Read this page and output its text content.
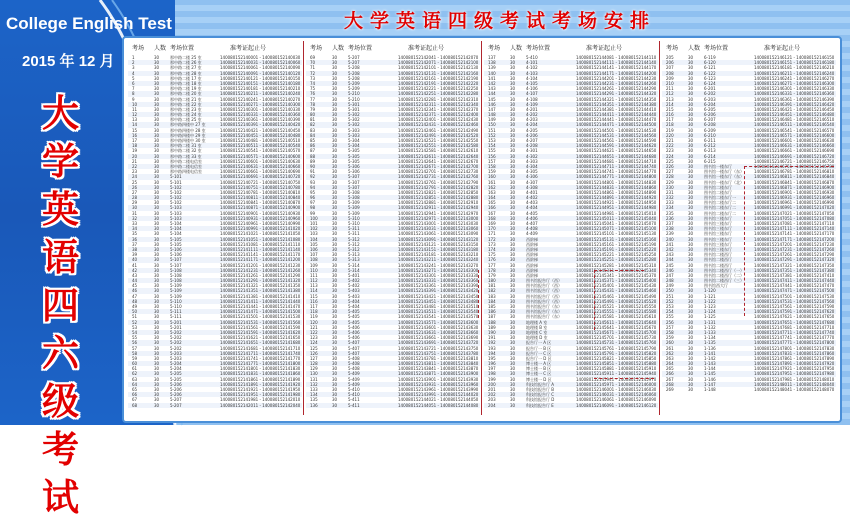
College English Test
2015 年 12 月
大
学
英
语
四
六
级
考
试
大学英语四级考试考场安排
考场 人数 考场位置	准考证起止号
1	30	那中路二楼 25 室	140080152140001 - 140080152140030
2	30	那中路二楼 26 室	140080152140031 - 140080152140060
3	30	那中路二楼 27 室	140080152140061 - 140080152140090
4	30	那中路二楼 28 室	140080152140091 - 140080152140120
5	30	那中路二楼 17 室	140080152140121 - 140080152140150
6	30	那中路二楼 18 室	140080152140151 - 140080152140180
7	30	那中路二楼 19 室	140080152140181 - 140080152140210
8	30	那中路二楼 20 室	140080152140211 - 140080152140240
9	30	那中路二楼 21 室	140080152140241 - 140080152140270
10	30	那中路二楼 22 室	140080152140271 - 140080152140300
11	30	那中路二楼 23 室	140080152140301 - 140080152140330
12	30	那中路二楼 24 室	140080152140331 - 140080152140360
13	30	那中路二楼 25 室	140080152140361 - 140080152140390
14	30	那中路四楼中 27 室	140080152140391 - 140080152140420
15	30	那中路四楼中 28 室	140080152140421 - 140080152140450
16	30	那中路四楼中 29 室	140080152140451 - 140080152140480
17	30	那中路四楼中 30 室	140080152140481 - 140080152140510
18	30	那中路二楼 31 室	140080152140511 - 140080152140540
19	30	那中路二楼 32 室	140080152140541 - 140080152140570
20	30	那中路二楼 33 室	140080152140571 - 140080152140600
21	30	那中路二楼电信室	140080152140601 - 140080152140630
22	30	那中路二楼电信室	140080152140631 - 140080152140660
23	30	那中路四楼电信室	140080152140661 - 140080152140690
24	30	5-101	140080152140691 - 140080152140720
25	30	5-101	140080152140721 - 140080152140750
26	30	5-102	140080152140751 - 140080152140780
27	30	5-102	140080152140781 - 140080152140810
28	30	5-102	140080152140811 - 140080152140840
29	30	5-102	140080152140841 - 140080152140870
30	30	5-103	140080152140871 - 140080152140900
31	30	5-103	140080152140901 - 140080152140930
32	30	5-103	140080152140931 - 140080152140960
33	30	5-104	140080152140961 - 140080152140990
34	30	5-104	140080152140991 - 140080152141020
35	30	5-104	140080152141021 - 140080152141050
36	30	5-105	140080152141051 - 140080152141080
37	30	5-105	140080152141081 - 140080152141110
38	30	5-106	140080152141111 - 140080152141140
39	30	5-106	140080152141141 - 140080152141170
40	30	5-107	140080152141171 - 140080152141200
41	30	5-107	140080152141201 - 140080152141230
42	30	5-108	140080152141231 - 140080152141260
43	30	5-108	140080152141261 - 140080152141290
44	30	5-108	140080152141291 - 140080152141320
45	30	5-109	140080152141321 - 140080152141350
46	30	5-109	140080152141351 - 140080152141380
47	30	5-109	140080152141381 - 140080152141410
48	30	5-110	140080152141411 - 140080152141440
49	30	5-110	140080152141441 - 140080152141470
50	30	5-111	140080152141471 - 140080152141500
51	30	5-111	140080152141501 - 140080152141530
52	30	5-201	140080152141531 - 140080152141560
53	30	5-201	140080152141561 - 140080152141590
54	30	5-202	140080152141591 - 140080152141620
55	30	5-202	140080152141621 - 140080152141650
56	30	5-202	140080152141651 - 140080152141680
57	30	5-202	140080152141681 - 140080152141710
58	30	5-203	140080152141711 - 140080152141740
59	30	5-203	140080152141741 - 140080152141770
60	30	5-204	140080152141771 - 140080152141800
61	30	5-204	140080152141801 - 140080152141830
62	30	5-205	140080152141831 - 140080152141860
63	30	5-205	140080152141861 - 140080152141890
64	30	5-206	140080152141891 - 140080152141920
65	30	5-206	140080152141921 - 140080152141950
66	30	5-206	140080152141951 - 140080152141980
67	30	5-207	140080152141981 - 140080152142010
68	30	5-207	140080152142011 - 140080152142040
考场 人数 考场位置	准考证起止号
69	30	5-207	140080152142041 - 140080152142070
70	30	5-207	140080152142071 - 140080152142100
71	30	5-208	140080152142101 - 140080152142130
72	30	5-208	140080152142131 - 140080152142160
73	30	5-208	140080152142161 - 140080152142190
74	30	5-209	140080152142191 - 140080152142220
75	30	5-209	140080152142221 - 140080152142250
76	30	5-210	140080152142251 - 140080152142280
77	30	5-210	140080152142281 - 140080152142310
78	30	5-301	140080152142311 - 140080152142340
79	30	5-301	140080152142341 - 140080152142370
80	30	5-302	140080152142371 - 140080152142400
81	30	5-302	140080152142401 - 140080152142430
82	30	5-302	140080152142431 - 140080152142460
83	30	5-303	140080152142461 - 140080152142490
84	30	5-303	140080152142491 - 140080152142520
85	30	5-304	140080152142521 - 140080152142550
86	30	5-304	140080152142551 - 140080152142580
87	30	5-305	140080152142581 - 140080152142610
88	30	5-305	140080152142611 - 140080152142640
89	30	5-305	140080152142641 - 140080152142670
90	30	5-306	140080152142671 - 140080152142700
91	30	5-306	140080152142701 - 140080152142730
92	30	5-307	140080152142731 - 140080152142760
93	30	5-307	140080152142761 - 140080152142790
94	30	5-307	140080152142791 - 140080152142820
95	30	5-308	140080152142821 - 140080152142850
96	30	5-308	140080152142851 - 140080152142880
97	30	5-309	140080152142881 - 140080152142910
98	30	5-309	140080152142911 - 140080152142940
99	30	5-309	140080152142941 - 140080152142970
100	30	5-310	140080152142971 - 140080152143000
101	30	5-310	140080152143001 - 140080152143030
102	30	5-311	140080152143031 - 140080152143060
103	30	5-311	140080152143061 - 140080152143090
104	30	5-312	140080152143091 - 140080152143120
105	30	5-312	140080152143121 - 140080152143150
106	30	5-312	140080152143151 - 140080152143180
107	30	5-313	140080152143181 - 140080152143210
108	30	5-313	140080152143211 - 140080152143240
109	30	5-314	140080152143241 - 140080152143270
110	30	5-314	140080152143271 - 140080152143300
111	30	5-401	140080152143301 - 140080152143330
112	30	5-402	140080152143331 - 140080152143360
113	30	5-402	140080152143361 - 140080152143390
114	30	5-403	140080152143391 - 140080152143420
115	30	5-403	140080152143421 - 140080152143450
116	30	5-404	140080152143451 - 140080152143480
117	30	5-404	140080152143481 - 140080152143510
118	30	5-405	140080152143511 - 140080152143540
119	30	5-405	140080152143541 - 140080152143570
120	30	5-405	140080152143571 - 140080152143600
121	30	5-406	140080152143601 - 140080152143630
122	30	5-406	140080152143631 - 140080152143660
123	30	5-406	140080152143661 - 140080152143690
124	30	5-407	140080152143691 - 140080152143720
125	30	5-407	140080152143721 - 140080152143750
126	30	5-407	140080152143751 - 140080152143780
127	30	5-408	140080152143781 - 140080152143810
128	30	5-408	140080152143811 - 140080152143840
129	30	5-408	140080152143841 - 140080152143870
130	30	5-409	140080152143871 - 140080152143900
131	30	5-409	140080152143901 - 140080152143930
132	30	5-409	140080152143931 - 140080152143960
133	30	5-410	140080152143961 - 140080152143990
134	30	5-410	140080152143991 - 140080152144020
135	30	5-411	140080152144021 - 140080152144050
136	30	5-411	140080152144051 - 140080152144080
考场 人数 考场位置	准考证起止号
137	30	5-410	140080152144081 - 140080152144110
138	30	4-101	140080152144111 - 140080152144140
139	30	4-102	140080152144141 - 140080152144170
140	30	4-103	140080152144171 - 140080152144200
141	30	4-104	140080152144201 - 140080152144230
142	30	4-105	140080152144231 - 140080152144260
143	30	4-106	140080152144261 - 140080152144290
144	30	4-107	140080152144291 - 140080152144320
145	30	4-108	140080152144321 - 140080152144350
146	30	4-109	140080152144351 - 140080152144380
147	30	4-201	140080152144381 - 140080152144410
148	30	4-202	140080152144411 - 140080152144440
149	30	4-203	140080152144441 - 140080152144470
150	30	4-204	140080152144471 - 140080152144500
151	30	4-205	140080152144501 - 140080152144530
152	30	4-206	140080152144531 - 140080152144560
153	30	4-207	140080152144561 - 140080152144590
154	30	4-208	140080152144591 - 140080152144620
155	30	4-301	140080152144621 - 140080152144650
156	30	4-302	140080152144651 - 140080152144680
157	30	4-303	140080152144681 - 140080152144710
158	30	4-304	140080152144711 - 140080152144740
159	30	4-305	140080152144741 - 140080152144770
160	30	4-306	140080152144771 - 140080152144800
161	30	4-307	140080152144801 - 140080152144830
162	30	4-308	140080152144831 - 140080152144860
163	30	4-401	140080152144861 - 140080152144890
164	30	4-402	140080152144891 - 140080152144920
165	30	4-403	140080152144921 - 140080152144950
166	30	4-404	140080152144951 - 140080152144980
167	30	4-405	140080152144981 - 140080152145010
168	30	4-406	140080152145011 - 140080152145040
169	30	4-407	140080152145041 - 140080152145070
170	30	4-408	140080152145071 - 140080152145100
171	30	4-409	140080152145101 - 140080152145130
172	30	西阶梯	140080152145131 - 140080152145160
173	30	西阶梯	140080152145161 - 140080152145190
174	30	西阶梯	140080152145191 - 140080152145220
175	30	西阶梯	140080152145221 - 140080152145250
176	30	西阶梯	140080152145251 - 140080152145280
177	30	西阶梯	140080152145281 - 140080152145310
178	30	西阶梯	140080152145311 - 140080152145340
179	30	西阶梯	140080152145341 - 140080152145370
180	30	图书馆报告厅（西）	140080152145371 - 140080152145400
181	30	图书馆报告厅（西）	140080152145401 - 140080152145430
182	30	图书馆报告厅（西）	140080152145431 - 140080152145460
183	30	图书馆报告厅（西）	140080152145461 - 140080152145490
184	30	图书馆报告厅（西）	140080152145491 - 140080152145520
185	30	图书馆报告厅（东）	140080152145521 - 140080152145550
186	30	图书馆报告厅（东）	140080152145551 - 140080152145580
187	30	图书馆报告厅（东）	140080152145581 - 140080152145610
188	30	地理楼 A 室	140080152145611 - 140080152145640
189	30	地理楼 B 室	140080152145641 - 140080152145670
190	30	地理楼 C 室	140080152145671 - 140080152145700
191	30	地理楼 D 室	140080152145701 - 140080152145730
192	30	报告厅一 A 区	140080152145731 - 140080152145760
193	30	报告厅一 B 区	140080152145761 - 140080152145790
194	30	报告厅一 C 区	140080152145791 - 140080152145820
195	30	报告厅一 D 区	140080152145821 - 140080152145850
196	30	博士楼一 A 区	140080152145851 - 140080152145880
197	30	博士楼一 B 区	140080152145881 - 140080152145910
198	30	博士楼一 C 区	140080152145911 - 140080152145940
199	30	博士楼一 D 区	140080152145941 - 140080152145970
200	30	科技馆报告厅 A	140080152145971 - 140080152146000
201	30	科技馆报告厅 B	140080152146001 - 140080152146030
202	30	科技馆报告厅 C	140080152146031 - 140080152146060
203	30	科技馆报告厅 D	140080152146061 - 140080152146090
204	30	科技馆报告厅 E	140080152146091 - 140080152146120
考场 人数 考场位置	准考证起止号
205	30	6-119	140080152146121 - 140080152146150
206	30	6-120	140080152146151 - 140080152146180
207	30	6-121	140080152146181 - 140080152146210
208	30	6-122	140080152146211 - 140080152146240
209	30	6-123	140080152146241 - 140080152146270
210	30	6-124	140080152146271 - 140080152146300
211	30	6-201	140080152146301 - 140080152146330
212	30	6-202	140080152146331 - 140080152146360
213	30	6-203	140080152146361 - 140080152146390
214	30	6-204	140080152146391 - 140080152146420
215	30	6-205	140080152146421 - 140080152146450
216	30	6-206	140080152146451 - 140080152146480
217	30	6-207	140080152146481 - 140080152146510
218	30	6-208	140080152146511 - 140080152146540
219	30	6-209	140080152146541 - 140080152146570
220	30	6-210	140080152146571 - 140080152146600
221	30	6-211	140080152146601 - 140080152146630
222	30	6-212	140080152146631 - 140080152146660
223	30	6-213	140080152146661 - 140080152146690
224	30	6-214	140080152146691 - 140080152146720
225	30	6-215	140080152146721 - 140080152146750
226	30	图书馆一楼东厅	140080152146751 - 140080152146780
227	30	图书馆一楼东厅（东）	140080152146781 - 140080152146810
228	30	图书馆一楼东厅（东）	140080152146811 - 140080152146840
229	30	图书馆一楼东厅（北）	140080152146841 - 140080152146870
230	30	图书馆二楼东厅	140080152146871 - 140080152146900
231	30	图书馆二楼东厅	140080152146901 - 140080152146930
232	30	图书馆二楼东厅一	140080152146931 - 140080152146960
233	30	图书馆二楼东厅二	140080152146961 - 140080152146990
234	30	图书馆二楼东厅二	140080152146991 - 140080152147020
235	30	图书馆二楼东厅二	140080152147021 - 140080152147050
236	30	图书馆三楼东厅	140080152147051 - 140080152147080
237	30	图书馆三楼东厅	140080152147081 - 140080152147110
238	30	图书馆三楼东厅	140080152147111 - 140080152147140
239	30	图书馆三楼东厅	140080152147141 - 140080152147170
240	30	图书馆三楼东厅	140080152147171 - 140080152147200
241	30	图书馆三楼东厅	140080152147201 - 140080152147230
242	30	图书馆三楼东厅	140080152147231 - 140080152147260
243	30	图书馆二楼西厅	140080152147261 - 140080152147290
244	30	图书馆二楼西厅	140080152147291 - 140080152147320
245	30	图书馆二楼西厅	140080152147321 - 140080152147350
246	30	图书馆二楼西厅（一）	140080152147351 - 140080152147380
247	30	图书馆二楼西厅（二）	140080152147381 - 140080152147410
248	30	图书馆二楼西厅（三）	140080152147411 - 140080152147440
249	30	图书馆西大厅	140080152147441 - 140080152147470
250	30	1-120	140080152147471 - 140080152147500
251	30	1-121	140080152147501 - 140080152147530
252	30	1-122	140080152147531 - 140080152147560
253	30	1-123	140080152147561 - 140080152147590
254	30	1-124	140080152147591 - 140080152147620
255	30	1-125	140080152147621 - 140080152147650
256	30	1-131	140080152147651 - 140080152147680
257	30	1-132	140080152147681 - 140080152147710
258	30	1-133	140080152147711 - 140080152147740
259	30	1-134	140080152147741 - 140080152147770
260	30	1-135	140080152147771 - 140080152147800
261	30	1-136	140080152147801 - 140080152147830
262	30	1-141	140080152147831 - 140080152147860
263	30	1-142	140080152147861 - 140080152147890
264	30	1-143	140080152147891 - 140080152147920
265	30	1-144	140080152147921 - 140080152147950
266	30	1-145	140080152147951 - 140080152147980
267	30	1-146	140080152147981 - 140080152148010
268	30	1-147	140080152148011 - 140080152148040
269	30	1-148	140080152148041 - 140080152148070
